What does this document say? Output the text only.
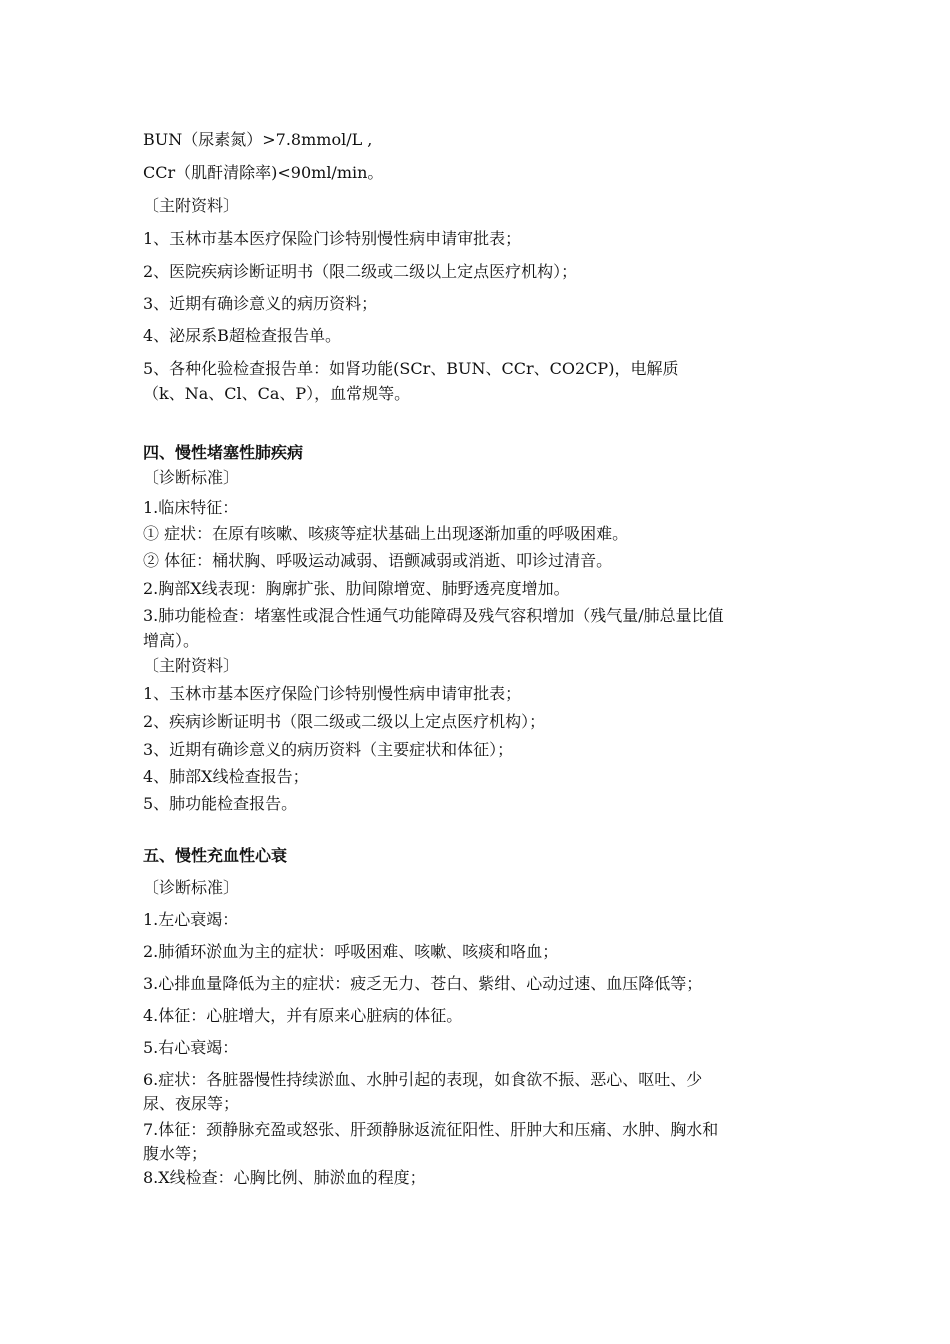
BUN（尿素氮）>7.8mmol/L ,
CCr（肌酐清除率)<90ml/min。
〔主附资料〕
1、玉林市基本医疗保险门诊特别慢性病申请审批表；
2、医院疾病诊断证明书（限二级或二级以上定点医疗机构）；
3、近期有确诊意义的病历资料；
4、泌尿系B超检查报告单。
5、各种化验检查报告单：如肾功能(SCr、BUN、CCr、CO2CP)，电解质
（k、Na、Cl、Ca、P），血常规等。
四、慢性堵塞性肺疾病
〔诊断标准〕
1.临床特征：
① 症状：在原有咳嗽、咳痰等症状基础上出现逐渐加重的呼吸困难。
② 体征：桶状胸、呼吸运动减弱、语颤减弱或消逝、叩诊过清音。
2.胸部X线表现：胸廓扩张、肋间隙增宽、肺野透亮度增加。
3.肺功能检查：堵塞性或混合性通气功能障碍及残气容积增加（残气量/肺总量比值
增高）。
〔主附资料〕
1、玉林市基本医疗保险门诊特别慢性病申请审批表；
2、疾病诊断证明书（限二级或二级以上定点医疗机构）；
3、近期有确诊意义的病历资料（主要症状和体征）；
4、肺部X线检查报告；
5、肺功能检查报告。
五、慢性充血性心衰
〔诊断标准〕
1.左心衰竭：
2.肺循环淤血为主的症状：呼吸困难、咳嗽、咳痰和咯血；
3.心排血量降低为主的症状：疲乏无力、苍白、紫绀、心动过速、血压降低等；
4.体征：心脏增大，并有原来心脏病的体征。
5.右心衰竭：
6.症状：各脏器慢性持续淤血、水肿引起的表现，如食欲不振、恶心、呕吐、少
尿、夜尿等；
7.体征：颈静脉充盈或怒张、肝颈静脉返流征阳性、肝肿大和压痛、水肿、胸水和
腹水等；
8.X线检查：心胸比例、肺淤血的程度；
